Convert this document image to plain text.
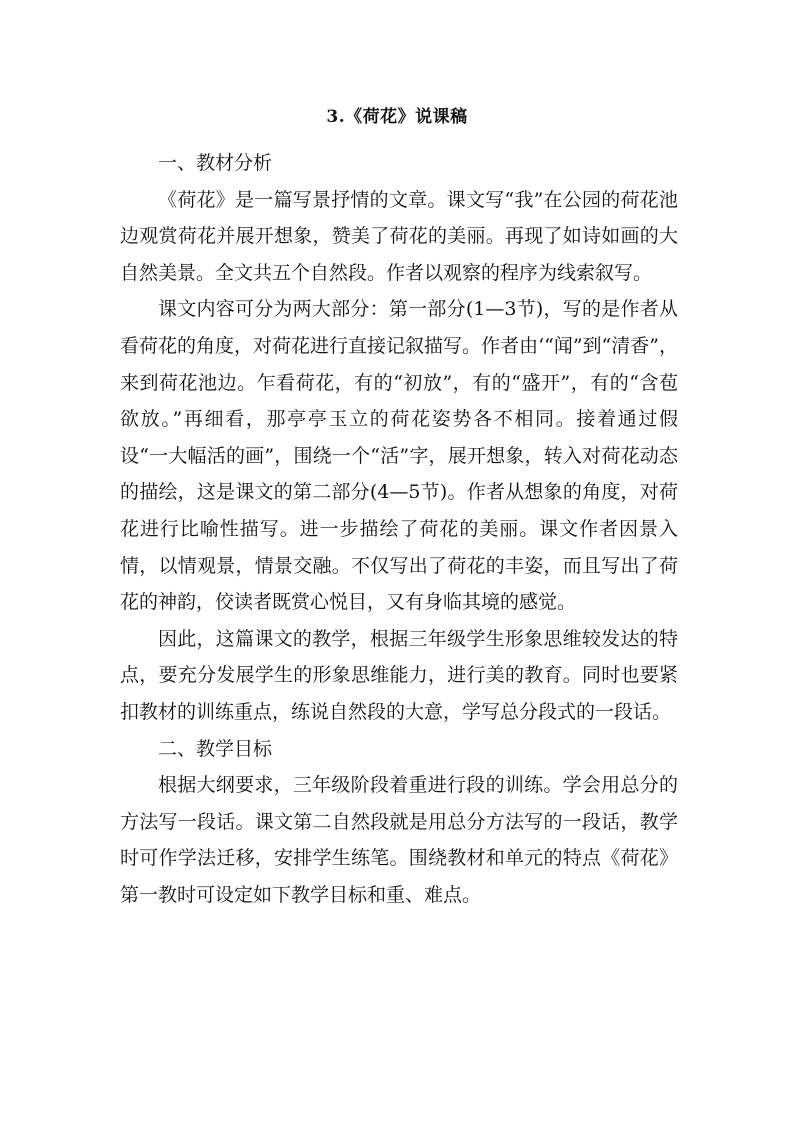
3.《荷花》说课稿

一、教材分析

《荷花》是一篇写景抒情的文章。课文写“我”在公园的荷花池边观赏荷花并展开想象，赞美了荷花的美丽。再现了如诗如画的大自然美景。全文共五个自然段。作者以观察的程序为线索叙写。

课文内容可分为两大部分：第一部分(1—3节)，写的是作者从看荷花的角度，对荷花进行直接记叙描写。作者由‘“闻”到“清香”，来到荷花池边。乍看荷花，有的“初放”，有的“盛开”，有的“含苞欲放。”再细看，那亭亭玉立的荷花姿势各不相同。接着通过假设“一大幅活的画”，围绕一个“活”字，展开想象，转入对荷花动态的描绘，这是课文的第二部分(4—5节)。作者从想象的角度，对荷花进行比喻性描写。进一步描绘了荷花的美丽。课文作者因景入情，以情观景，情景交融。不仅写出了荷花的丰姿，而且写出了荷花的神韵，佼读者既赏心悦目，又有身临其境的感觉。

因此，这篇课文的教学，根据三年级学生形象思维较发达的特点，要充分发展学生的形象思维能力，进行美的教育。同时也要紧扣教材的训练重点，练说自然段的大意，学写总分段式的一段话。

二、教学目标

根据大纲要求，三年级阶段着重进行段的训练。学会用总分的方法写一段话。课文第二自然段就是用总分方法写的一段话，教学时可作学法迁移，安排学生练笔。围绕教材和单元的特点《荷花》第一教时可设定如下教学目标和重、难点。
